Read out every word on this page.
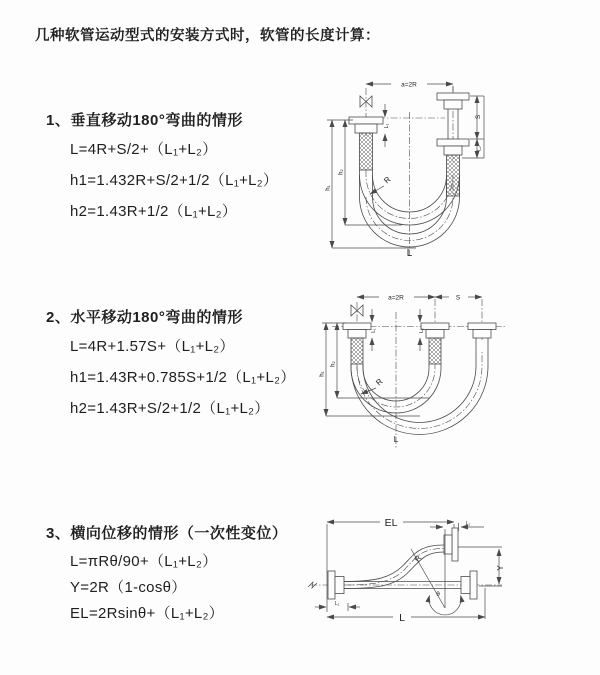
几种软管运动型式的安装方式时，软管的长度计算：
1、垂直移动180°弯曲的情形
L=4R+S/2+（L₁+L₂）
h1=1.432R+S/2+1/2（L₁+L₂）
h2=1.43R+1/2（L₁+L₂）
2、水平移动180°弯曲的情形
L=4R+1.57S+（L₁+L₂）
h1=1.43R+0.785S+1/2（L₁+L₂）
h2=1.43R+S/2+1/2（L₁+L₂）
3、横向位移的情形（一次性变位）
L=πRθ/90+（L₁+L₂）
Y=2R（1-cosθ）
EL=2Rsinθ+（L₁+L₂）
a=2R
L₁
S
L₂
h₁
h₂
R
L
a=2R	S
L₁	L₂
h₁
h₂
R
L
EL	L₂
Y
R
θ
L
L₁
